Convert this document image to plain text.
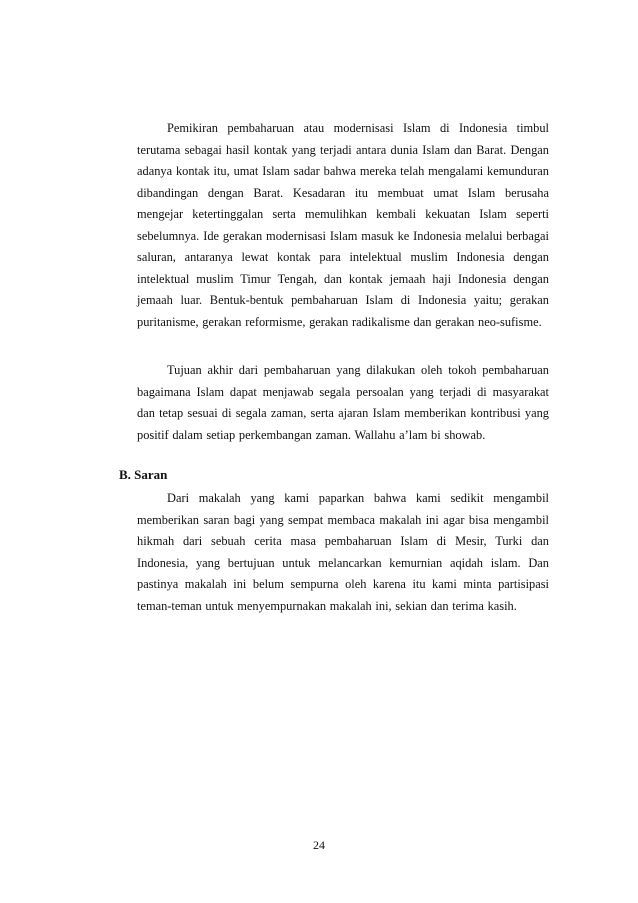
Pemikiran pembaharuan atau modernisasi Islam di Indonesia timbul terutama sebagai hasil kontak yang terjadi antara dunia Islam dan Barat. Dengan adanya kontak itu, umat Islam sadar bahwa mereka telah mengalami kemunduran dibandingan dengan Barat. Kesadaran itu membuat umat Islam berusaha mengejar ketertinggalan serta memulihkan kembali kekuatan Islam seperti sebelumnya. Ide gerakan modernisasi Islam masuk ke Indonesia melalui berbagai saluran, antaranya lewat kontak para intelektual muslim Indonesia dengan intelektual muslim Timur Tengah, dan kontak jemaah haji Indonesia dengan jemaah luar. Bentuk-bentuk pembaharuan Islam di Indonesia yaitu; gerakan puritanisme, gerakan reformisme, gerakan radikalisme dan gerakan neo-sufisme.

Tujuan akhir dari pembaharuan yang dilakukan oleh tokoh pembaharuan bagaimana Islam dapat menjawab segala persoalan yang terjadi di masyarakat dan tetap sesuai di segala zaman, serta ajaran Islam memberikan kontribusi yang positif dalam setiap perkembangan zaman. Wallahu a’lam bi showab.

B. Saran

Dari makalah yang kami paparkan bahwa kami sedikit mengambil memberikan saran bagi yang sempat membaca makalah ini agar bisa mengambil hikmah dari sebuah cerita masa pembaharuan Islam di Mesir, Turki dan Indonesia, yang bertujuan untuk melancarkan kemurnian aqidah islam. Dan pastinya makalah ini belum sempurna oleh karena itu kami minta partisipasi teman-teman untuk menyempurnakan makalah ini, sekian dan terima kasih.

24
